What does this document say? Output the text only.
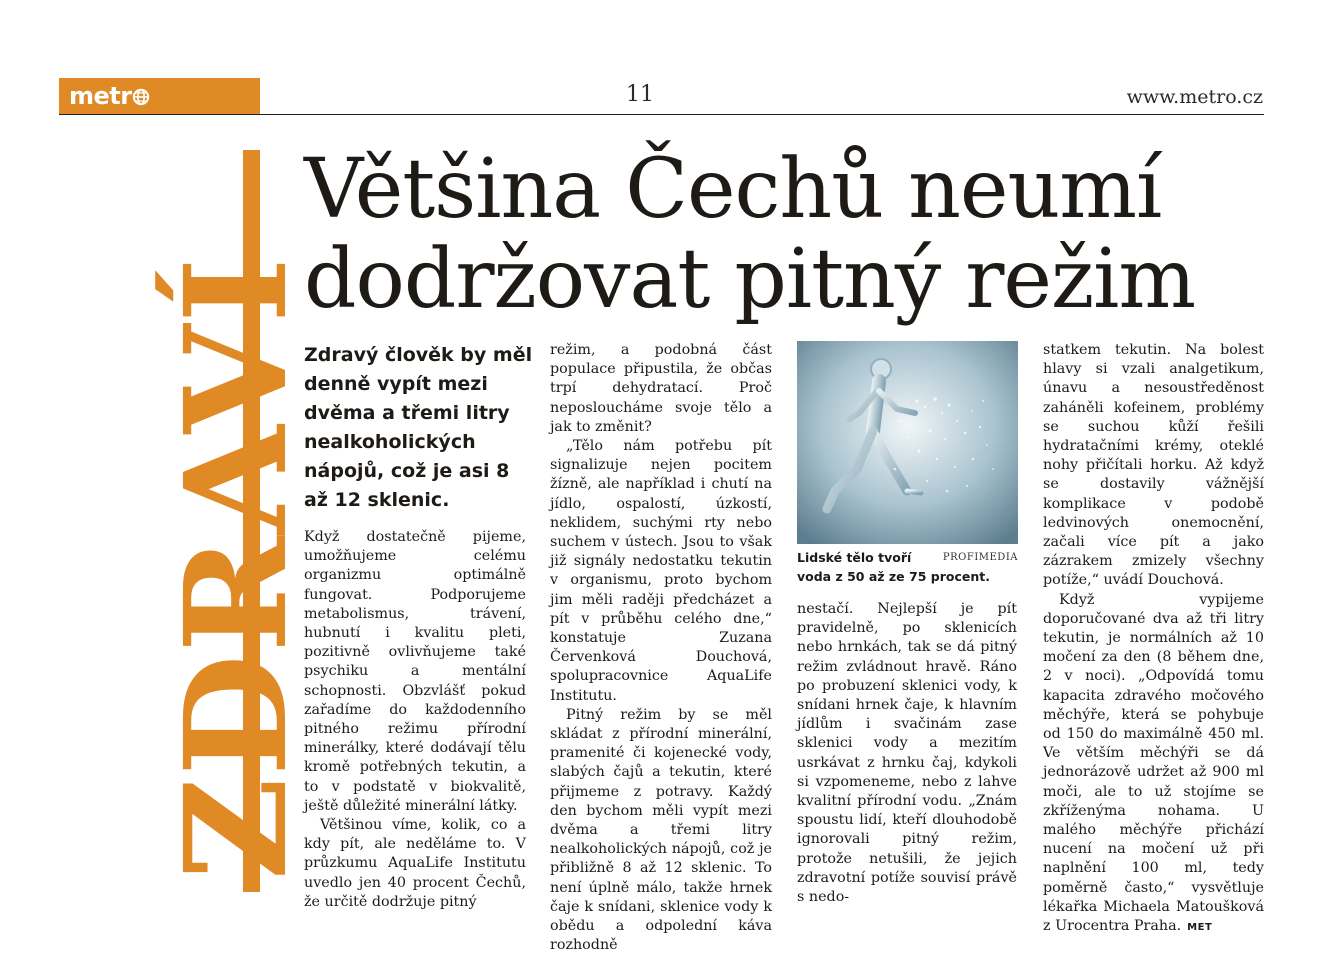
metr	11	www.metro.cz
ZDRAVÍ
Většina Čechů neumí dodržovat pitný režim

Zdravý člověk by měl denně vypít mezi dvěma a třemi litry nealkoholických nápojů, což je asi 8 až 12 sklenic.

Když dostatečně pijeme, umožňujeme celému organizmu optimálně fungovat. Podporujeme metabolismus, trávení, hubnutí i kvalitu pleti, pozitivně ovlivňujeme také psychiku a mentální schopnosti. Obzvlášť pokud zařadíme do každodenního pitného režimu přírodní minerálky, které dodávají tělu kromě potřebných tekutin, a to v podstatě v biokvalitě, ještě důležité minerální látky.

Většinou víme, kolik, co a kdy pít, ale neděláme to. V průzkumu AquaLife Institutu uvedlo jen 40 procent Čechů, že určitě dodržuje pitný

režim, a podobná část populace připustila, že občas trpí dehydratací. Proč neposloucháme svoje tělo a jak to změnit?

„Tělo nám potřebu pít signalizuje nejen pocitem žízně, ale například i chutí na jídlo, ospalostí, úzkostí, neklidem, suchými rty nebo suchem v ústech. Jsou to však již signály nedostatku tekutin v organismu, proto bychom jim měli raději předcházet a pít v průběhu celého dne,“ konstatuje Zuzana Červenková Douchová, spolupracovnice AquaLife Institutu.

Pitný režim by se měl skládat z přírodní minerální, pramenité či kojenecké vody, slabých čajů a tekutin, které přijmeme z potravy. Každý den bychom měli vypít mezi dvěma a třemi litry nealkoholických nápojů, což je přibližně 8 až 12 sklenic. To není úplně málo, takže hrnek čaje k snídani, sklenice vody k obědu a odpolední káva rozhodně

PROFIMEDIA
Lidské tělo tvoří voda z 50 až ze 75 procent.

nestačí. Nejlepší je pít pravidelně, po sklenicích nebo hrnkách, tak se dá pitný režim zvládnout hravě. Ráno po probuzení sklenici vody, k snídani hrnek čaje, k hlavním jídlům i svačinám zase sklenici vody a mezitím usrkávat z hrnku čaj, kdykoli si vzpomeneme, nebo z lahve kvalitní přírodní vodu. „Znám spoustu lidí, kteří dlouhodobě ignorovali pitný režim, protože netušili, že jejich zdravotní potíže souvisí právě s nedo-

statkem tekutin. Na bolest hlavy si vzali analgetikum, únavu a nesoustředěnost zaháněli kofeinem, problémy se suchou kůží řešili hydratačními krémy, oteklé nohy přičítali horku. Až když se dostavily vážnější komplikace v podobě ledvinových onemocnění, začali více pít a jako zázrakem zmizely všechny potíže,“ uvádí Douchová.

Když vypijeme doporučované dva až tři litry tekutin, je normálních až 10 močení za den (8 během dne, 2 v noci). „Odpovídá tomu kapacita zdravého močového měchýře, která se pohybuje od 150 do maximálně 450 ml. Ve větším měchýři se dá jednorázově udržet až 900 ml moči, ale to už stojíme se zkříženýma nohama. U malého měchýře přichází nucení na močení už při naplnění 100 ml, tedy poměrně často,“ vysvětluje lékařka Michaela Matoušková z Urocentra Praha. MET
